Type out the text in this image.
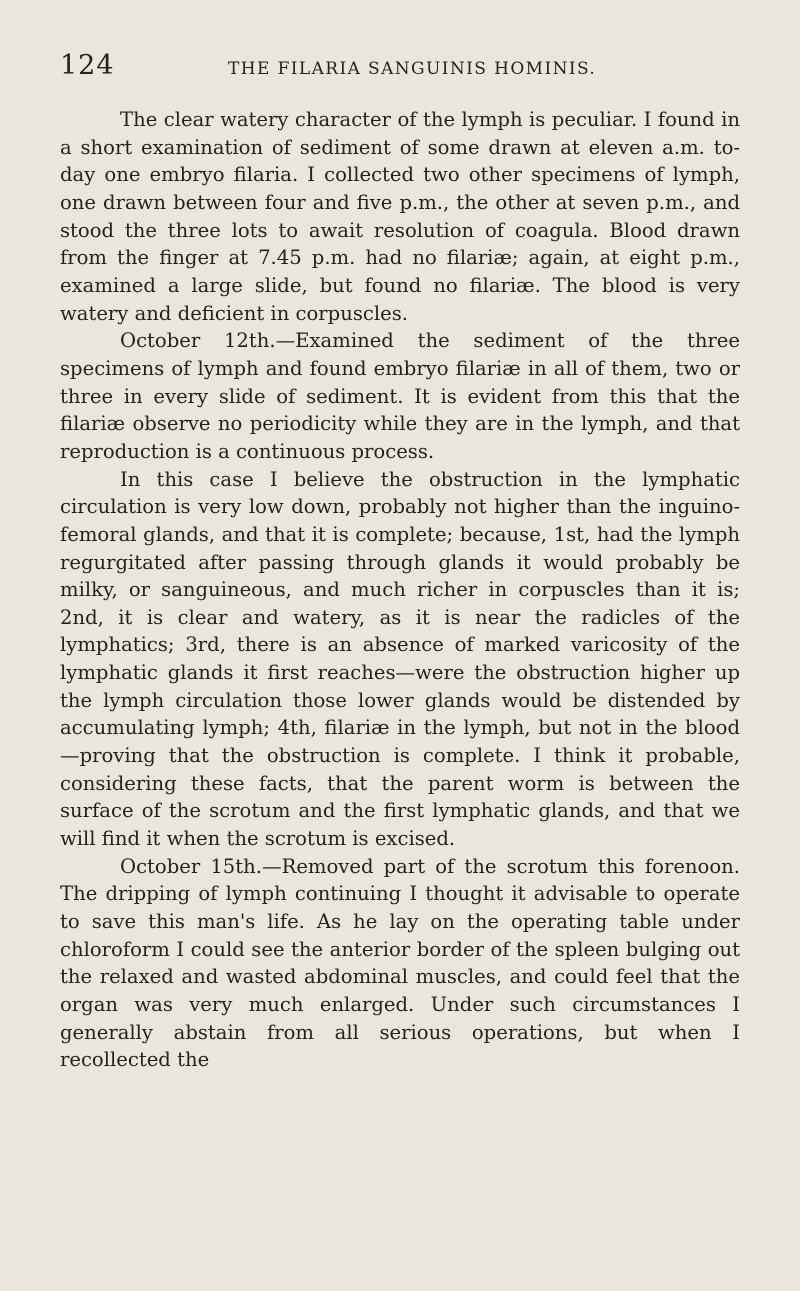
124	THE FILARIA SANGUINIS HOMINIS.

The clear watery character of the lymph is peculiar. I found in a short examination of sediment of some drawn at eleven a.m. to-day one embryo filaria. I collected two other specimens of lymph, one drawn between four and five p.m., the other at seven p.m., and stood the three lots to await resolution of coagula. Blood drawn from the finger at 7.45 p.m. had no filariæ; again, at eight p.m., examined a large slide, but found no filariæ. The blood is very watery and deficient in corpuscles.

October 12th.—Examined the sediment of the three specimens of lymph and found embryo filariæ in all of them, two or three in every slide of sediment. It is evident from this that the filariæ observe no periodicity while they are in the lymph, and that reproduction is a continuous process.

In this case I believe the obstruction in the lymphatic circulation is very low down, probably not higher than the inguino-femoral glands, and that it is complete; because, 1st, had the lymph regurgitated after passing through glands it would probably be milky, or sanguineous, and much richer in corpuscles than it is; 2nd, it is clear and watery, as it is near the radicles of the lymphatics; 3rd, there is an absence of marked varicosity of the lymphatic glands it first reaches—were the obstruction higher up the lymph circulation those lower glands would be distended by accumulating lymph; 4th, filariæ in the lymph, but not in the blood—proving that the obstruction is complete. I think it probable, considering these facts, that the parent worm is between the surface of the scrotum and the first lymphatic glands, and that we will find it when the scrotum is excised.

October 15th.—Removed part of the scrotum this forenoon. The dripping of lymph continuing I thought it advisable to operate to save this man's life. As he lay on the operating table under chloroform I could see the anterior border of the spleen bulging out the relaxed and wasted abdominal muscles, and could feel that the organ was very much enlarged. Under such circumstances I generally abstain from all serious operations, but when I recollected the
